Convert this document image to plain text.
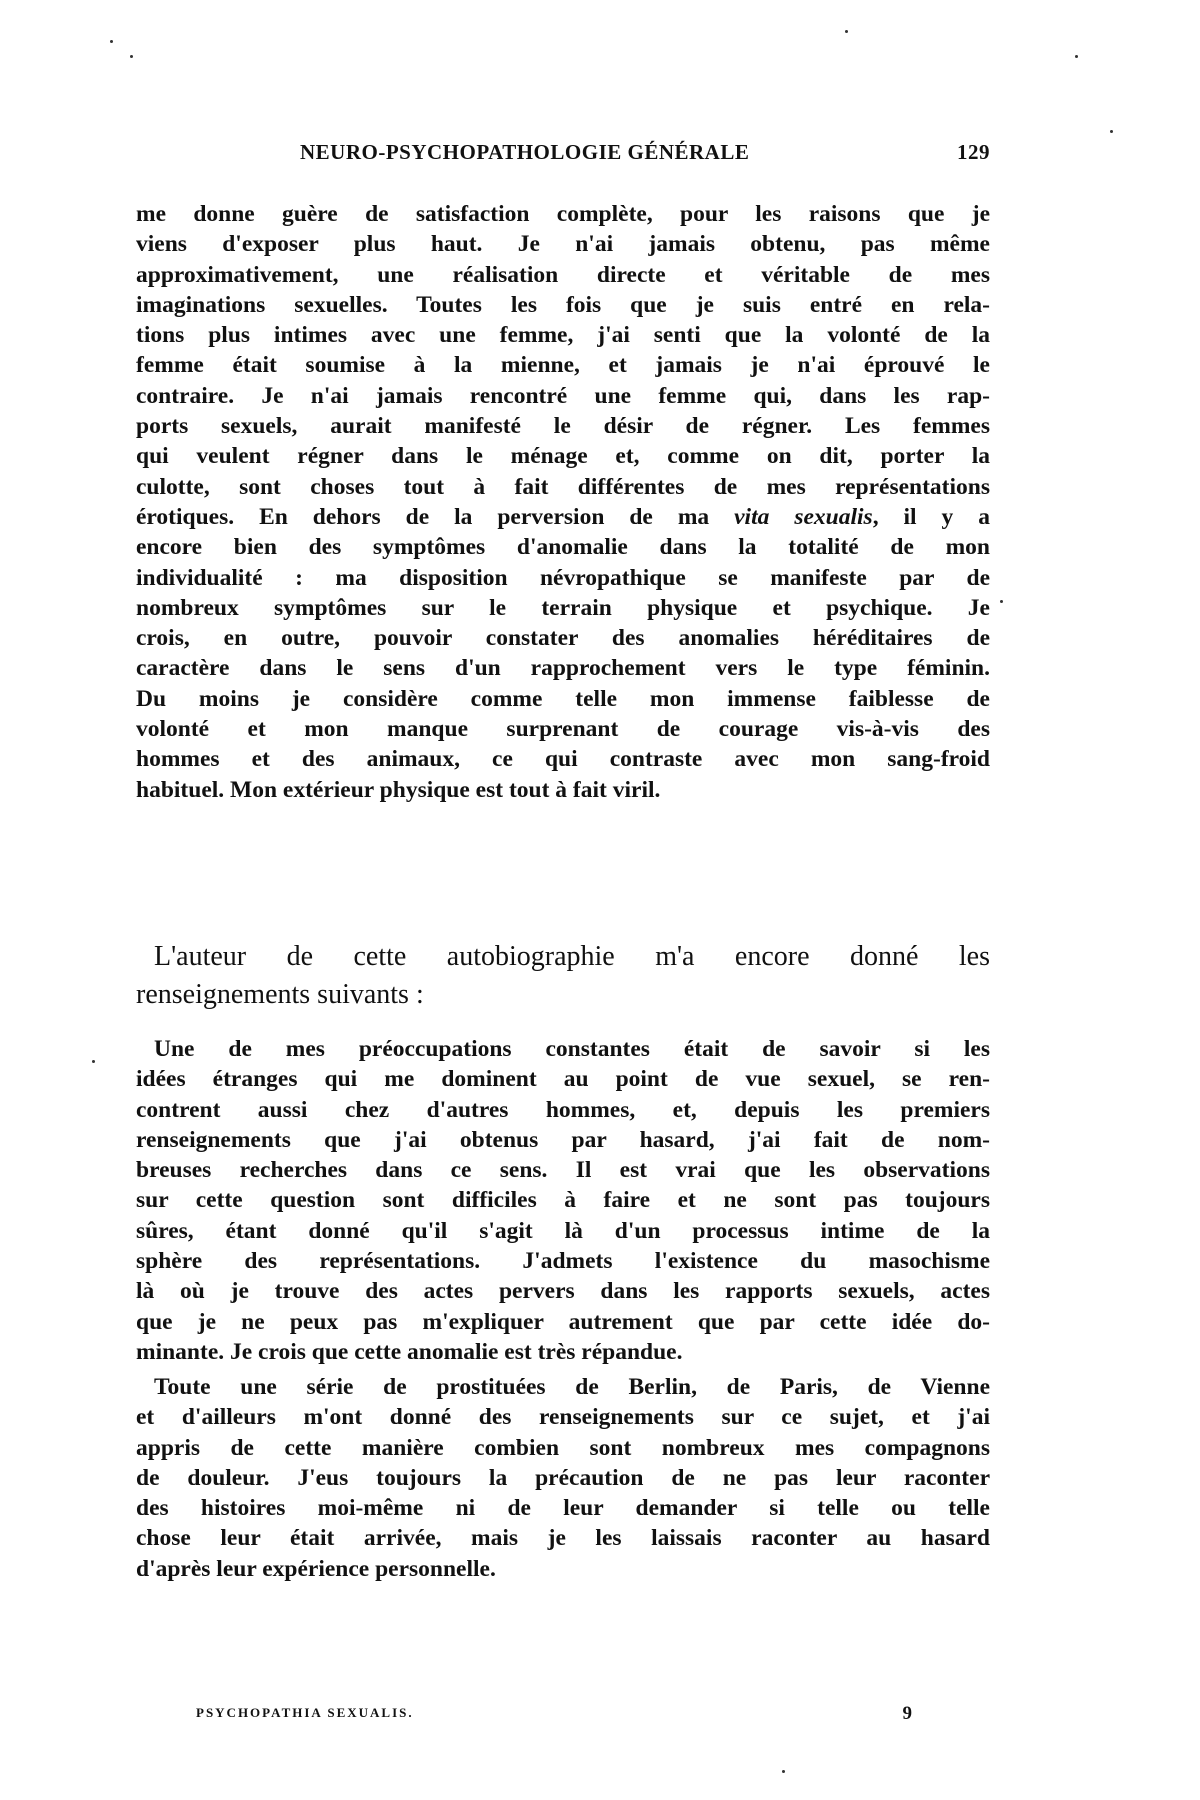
NEURO-PSYCHOPATHOLOGIE GÉNÉRALE	129
me donne guère de satisfaction complète, pour les raisons que je
viens d'exposer plus haut. Je n'ai jamais obtenu, pas même
approximativement, une réalisation directe et véritable de mes
imaginations sexuelles. Toutes les fois que je suis entré en rela-
tions plus intimes avec une femme, j'ai senti que la volonté de la
femme était soumise à la mienne, et jamais je n'ai éprouvé le
contraire. Je n'ai jamais rencontré une femme qui, dans les rap-
ports sexuels, aurait manifesté le désir de régner. Les femmes
qui veulent régner dans le ménage et, comme on dit, porter la
culotte, sont choses tout à fait différentes de mes représentations
érotiques. En dehors de la perversion de ma vita sexualis, il y a
encore bien des symptômes d'anomalie dans la totalité de mon
individualité : ma disposition névropathique se manifeste par de
nombreux symptômes sur le terrain physique et psychique. Je
crois, en outre, pouvoir constater des anomalies héréditaires de
caractère dans le sens d'un rapprochement vers le type féminin.
Du moins je considère comme telle mon immense faiblesse de
volonté et mon manque surprenant de courage vis-à-vis des
hommes et des animaux, ce qui contraste avec mon sang-froid
habituel. Mon extérieur physique est tout à fait viril.
L'auteur de cette autobiographie m'a encore donné les
renseignements suivants :
Une de mes préoccupations constantes était de savoir si les
idées étranges qui me dominent au point de vue sexuel, se ren-
contrent aussi chez d'autres hommes, et, depuis les premiers
renseignements que j'ai obtenus par hasard, j'ai fait de nom-
breuses recherches dans ce sens. Il est vrai que les observations
sur cette question sont difficiles à faire et ne sont pas toujours
sûres, étant donné qu'il s'agit là d'un processus intime de la
sphère des représentations. J'admets l'existence du masochisme
là où je trouve des actes pervers dans les rapports sexuels, actes
que je ne peux pas m'expliquer autrement que par cette idée do-
minante. Je crois que cette anomalie est très répandue.
Toute une série de prostituées de Berlin, de Paris, de Vienne
et d'ailleurs m'ont donné des renseignements sur ce sujet, et j'ai
appris de cette manière combien sont nombreux mes compagnons
de douleur. J'eus toujours la précaution de ne pas leur raconter
des histoires moi-même ni de leur demander si telle ou telle
chose leur était arrivée, mais je les laissais raconter au hasard
d'après leur expérience personnelle.
PSYCHOPATHIA SEXUALIS.	9
